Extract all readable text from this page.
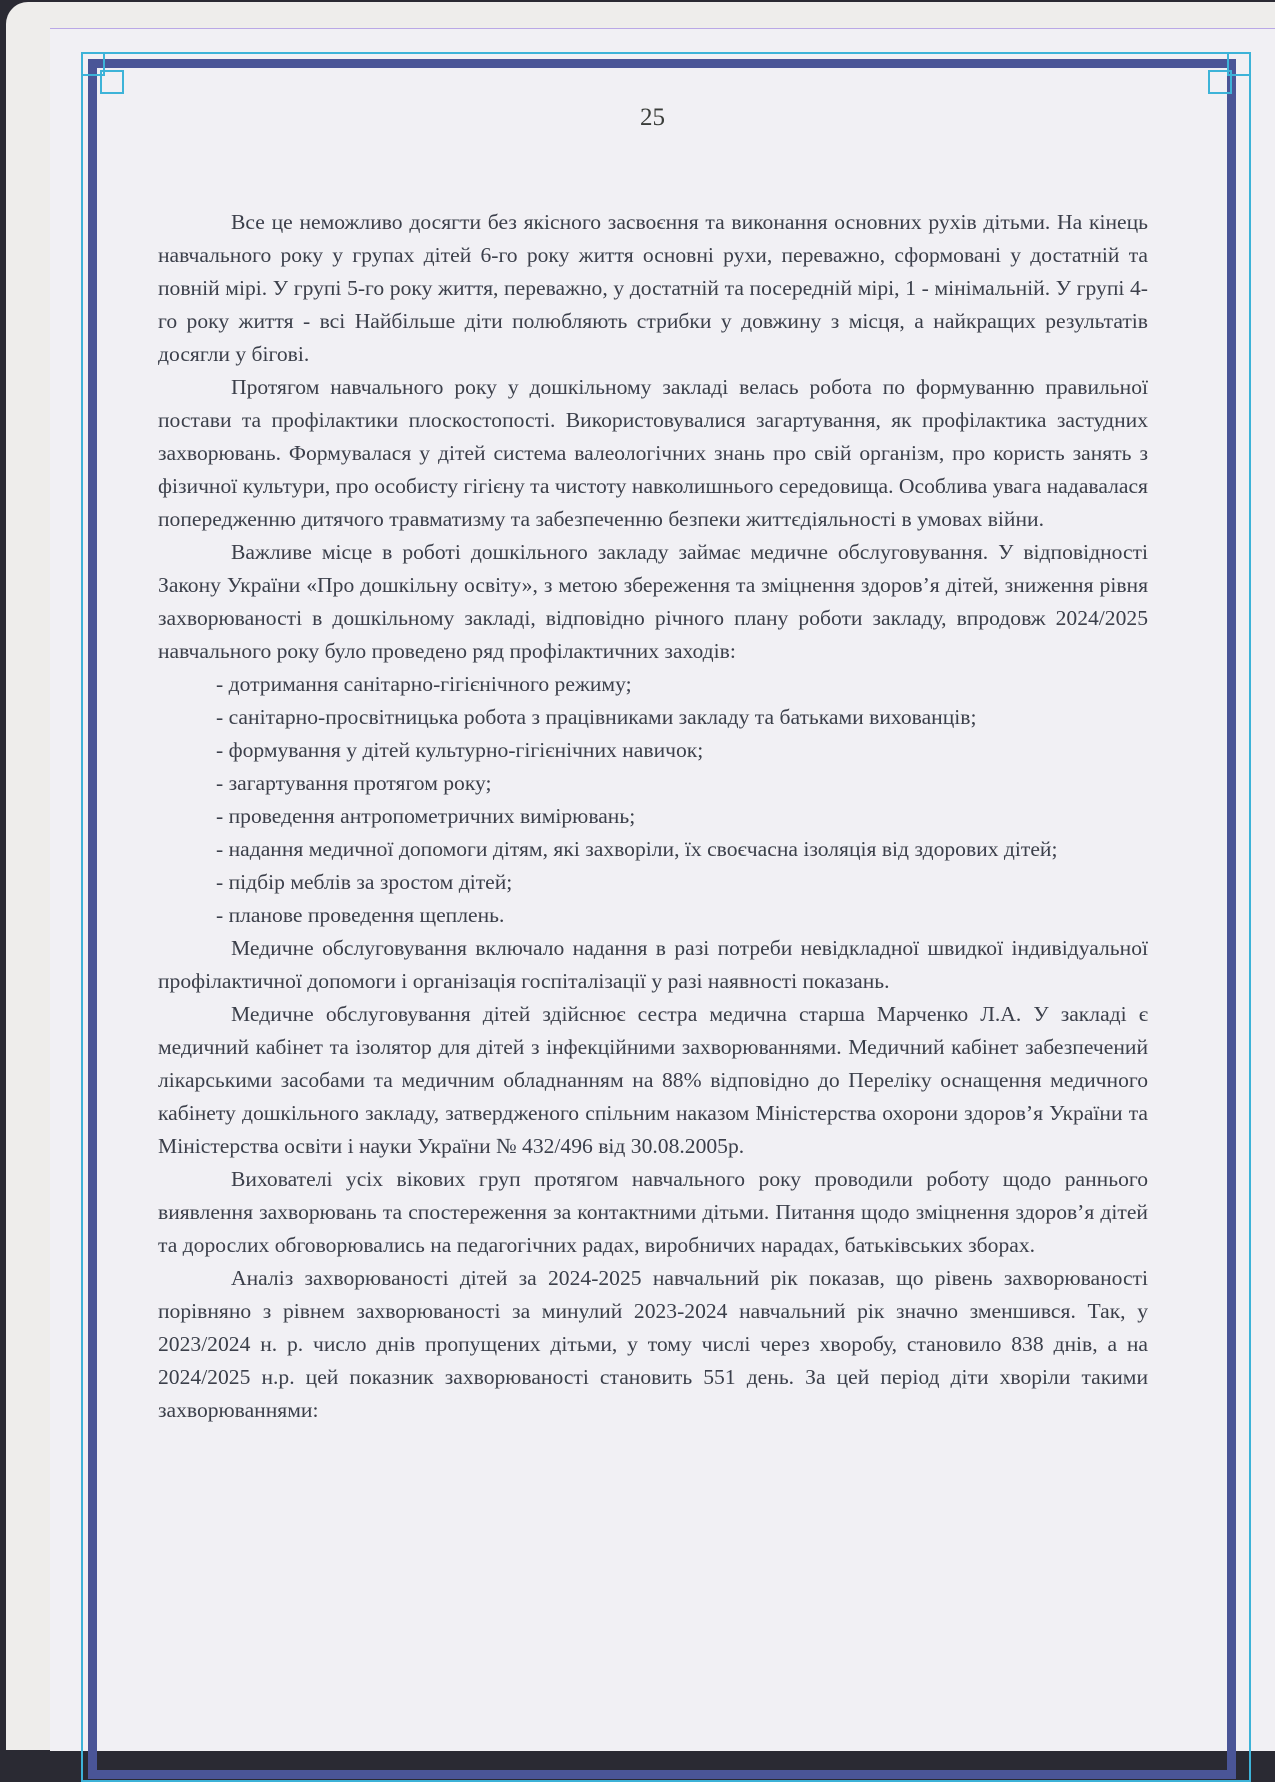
25

Все це неможливо досягти без якісного засвоєння та виконання основних рухів дітьми. На кінець навчального року у групах дітей 6-го року життя основні рухи, переважно, сформовані у достатній та повній мірі. У групі 5-го року життя, переважно, у достатній та посередній мірі, 1 - мінімальній. У групі 4-го року життя - всі Найбільше діти полюбляють стрибки у довжину з місця, а найкращих результатів досягли у бігові.

Протягом навчального року у дошкільному закладі велась робота по формуванню правильної постави та профілактики плоскостопості. Використовувалися загартування, як профілактика застудних захворювань. Формувалася у дітей система валеологічних знань про свій організм, про користь занять з фізичної культури, про особисту гігієну та чистоту навколишнього середовища. Особлива увага надавалася попередженню дитячого травматизму та забезпеченню безпеки життєдіяльності в умовах війни.

Важливе місце в роботі дошкільного закладу займає медичне обслуговування. У відповідності Закону України «Про дошкільну освіту», з метою збереження та зміцнення здоров’я дітей, зниження рівня захворюваності в дошкільному закладі, відповідно річного плану роботи закладу, впродовж 2024/2025 навчального року було проведено ряд профілактичних заходів:

- дотримання санітарно-гігієнічного режиму;

- санітарно-просвітницька робота з працівниками закладу та батьками вихованців;

- формування у дітей культурно-гігієнічних навичок;

- загартування протягом року;

- проведення антропометричних вимірювань;

- надання медичної допомоги дітям, які захворіли, їх своєчасна ізоляція від здорових дітей;

- підбір меблів за зростом дітей;

- планове проведення щеплень.

Медичне обслуговування включало надання в разі потреби невідкладної швидкої індивідуальної профілактичної допомоги і організація госпіталізації у разі наявності показань.

Медичне обслуговування дітей здійснює сестра медична старша Марченко Л.А. У закладі є медичний кабінет та ізолятор для дітей з інфекційними захворюваннями. Медичний кабінет забезпечений лікарськими засобами та медичним обладнанням на 88% відповідно до Переліку оснащення медичного кабінету дошкільного закладу, затвердженого спільним наказом Міністерства охорони здоров’я України та Міністерства освіти і науки України № 432/496 від 30.08.2005р.

Вихователі усіх вікових груп протягом навчального року проводили роботу щодо раннього виявлення захворювань та спостереження за контактними дітьми. Питання щодо зміцнення здоров’я дітей та дорослих обговорювались на педагогічних радах, виробничих нарадах, батьківських зборах.

Аналіз захворюваності дітей за 2024-2025 навчальний рік показав, що рівень захворюваності порівняно з рівнем захворюваності за минулий 2023-2024 навчальний рік значно зменшився. Так, у 2023/2024 н. р. число днів пропущених дітьми, у тому числі через хворобу, становило 838 днів, а на 2024/2025 н.р. цей показник захворюваності становить 551 день. За цей період діти хворіли такими захворюваннями:
